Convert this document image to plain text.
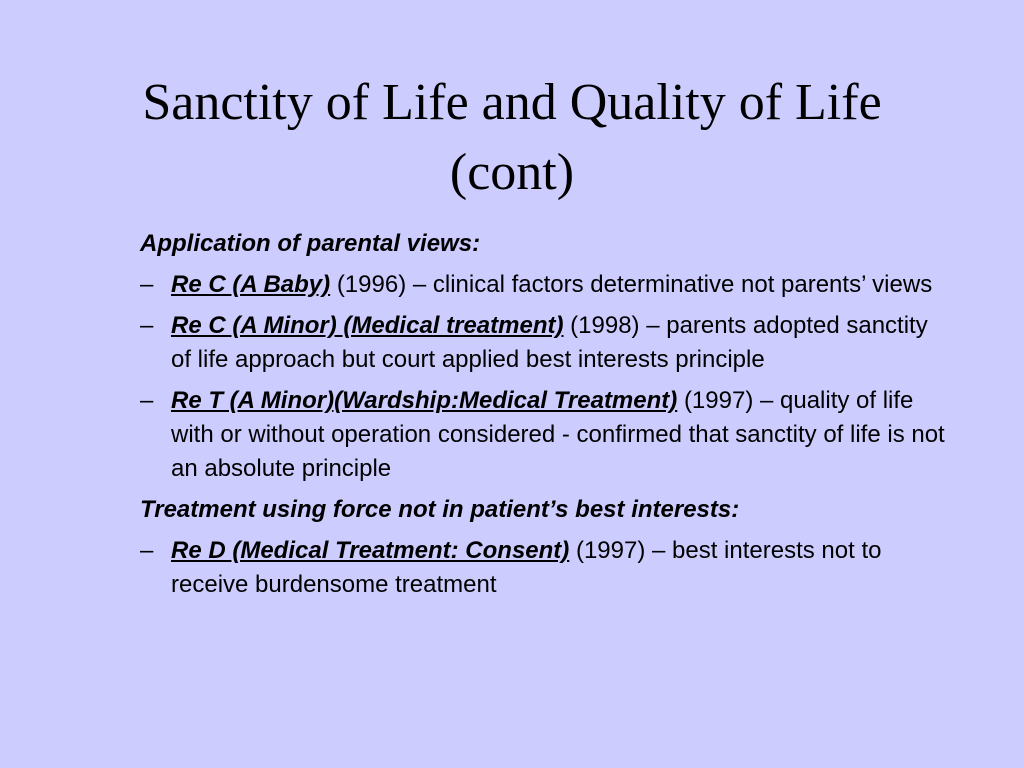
Sanctity of Life and Quality of Life
(cont)
Application of parental views:
– Re C (A Baby) (1996) – clinical factors determinative not parents’ views
– Re C (A Minor) (Medical treatment) (1998) – parents adopted sanctity of life approach but court applied best interests principle
– Re T (A Minor)(Wardship:Medical Treatment) (1997) – quality of life with or without operation considered - confirmed that sanctity of life is not an absolute principle
Treatment using force not in patient’s best interests:
– Re D (Medical Treatment: Consent) (1997) – best interests not to receive burdensome treatment
